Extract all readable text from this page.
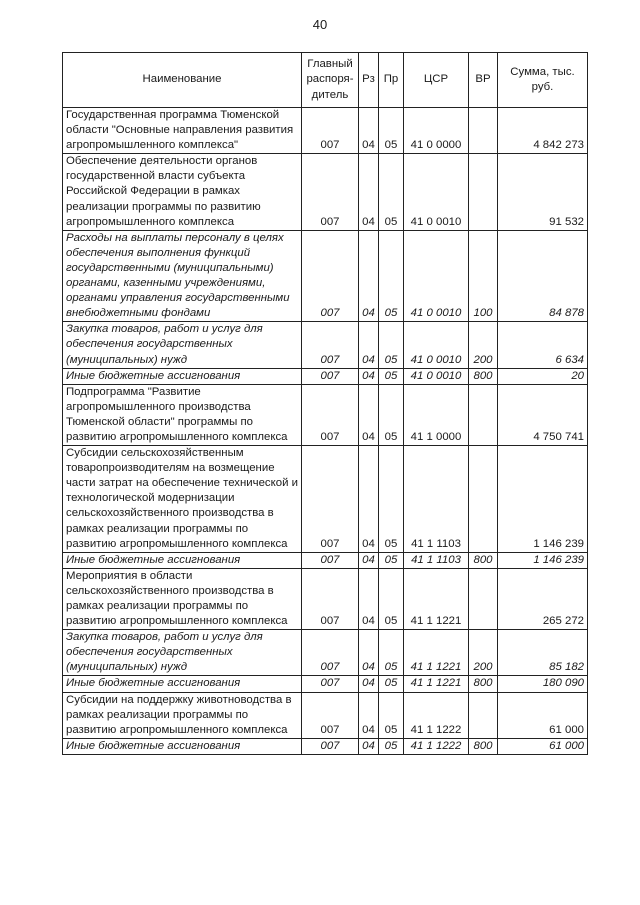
40
Наименование	Главный распоря-дитель	Рз	Пр	ЦСР	ВР	Сумма, тыс. руб.
Государственная программа Тюменской области "Основные направления развития агропромышленного комплекса"	007	04	05	41 0 0000		4 842 273
Обеспечение деятельности органов государственной власти субъекта Российской Федерации в рамках реализации программы по развитию агропромышленного комплекса	007	04	05	41 0 0010		91 532
Расходы на выплаты персоналу в целях обеспечения выполнения функций государственными (муниципальными) органами, казенными учреждениями, органами управления государственными внебюджетными фондами	007	04	05	41 0 0010	100	84 878
Закупка товаров, работ и услуг для обеспечения государственных (муниципальных) нужд	007	04	05	41 0 0010	200	6 634
Иные бюджетные ассигнования	007	04	05	41 0 0010	800	20
Подпрограмма "Развитие агропромышленного производства Тюменской области" программы по развитию агропромышленного комплекса	007	04	05	41 1 0000		4 750 741
Субсидии сельскохозяйственным товаропроизводителям на возмещение части затрат на обеспечение технической и технологической модернизации сельскохозяйственного производства в рамках реализации программы по развитию агропромышленного комплекса	007	04	05	41 1 1103		1 146 239
Иные бюджетные ассигнования	007	04	05	41 1 1103	800	1 146 239
Мероприятия в области сельскохозяйственного производства в рамках реализации программы по развитию агропромышленного комплекса	007	04	05	41 1 1221		265 272
Закупка товаров, работ и услуг для обеспечения государственных (муниципальных) нужд	007	04	05	41 1 1221	200	85 182
Иные бюджетные ассигнования	007	04	05	41 1 1221	800	180 090
Субсидии на поддержку животноводства в рамках реализации программы по развитию агропромышленного комплекса	007	04	05	41 1 1222		61 000
Иные бюджетные ассигнования	007	04	05	41 1 1222	800	61 000
